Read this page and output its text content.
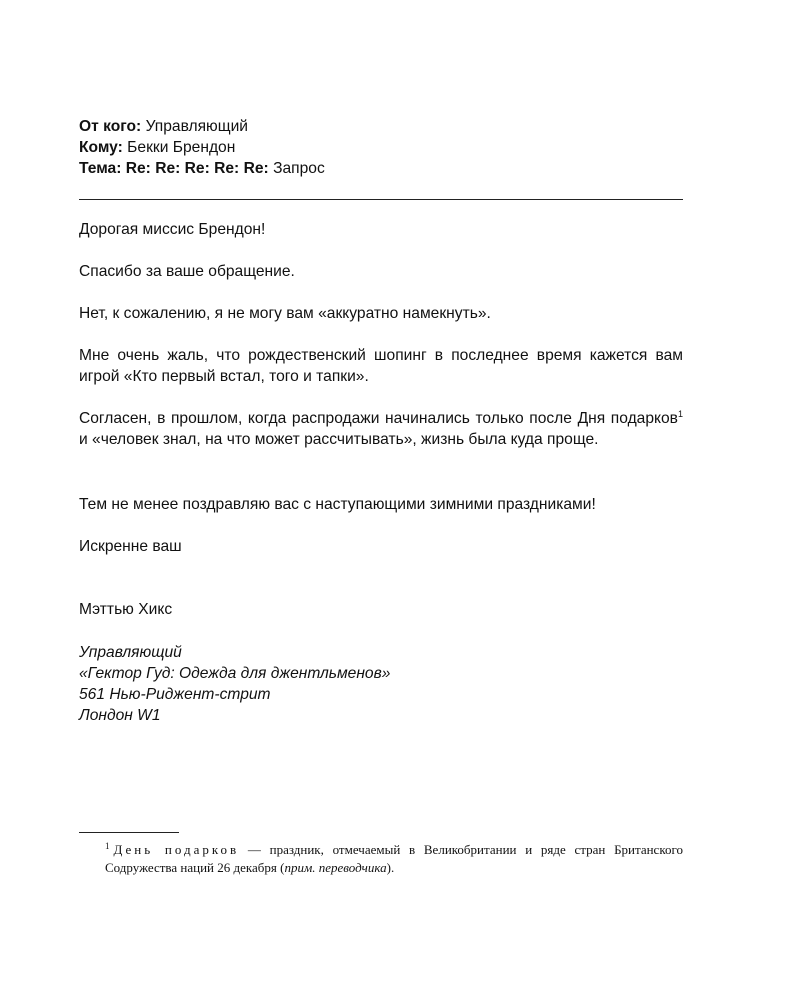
От кого: Управляющий
Кому: Бекки Брендон
Тема: Re: Re: Re: Re: Re: Запрос

Дорогая миссис Брендон!

Спасибо за ваше обращение.

Нет, к сожалению, я не могу вам «аккуратно намекнуть».

Мне очень жаль, что рождественский шопинг в последнее время кажется вам игрой «Кто первый встал, того и тапки».

Согласен, в прошлом, когда распродажи начинались только после Дня подарков$^1$ и «человек знал, на что может рассчитывать», жизнь была куда проще.

Тем не менее поздравляю вас с наступающими зимними праздниками!

Искренне ваш

Мэттью Хикс

Управляющий
«Гектор Гуд: Одежда для джентльменов»
561 Нью-Риджент-стрит
Лондон W1
$^1$ День подарков — праздник, отмечаемый в Великобритании и ряде стран Британского Содружества наций 26 декабря (прим. переводчика).
